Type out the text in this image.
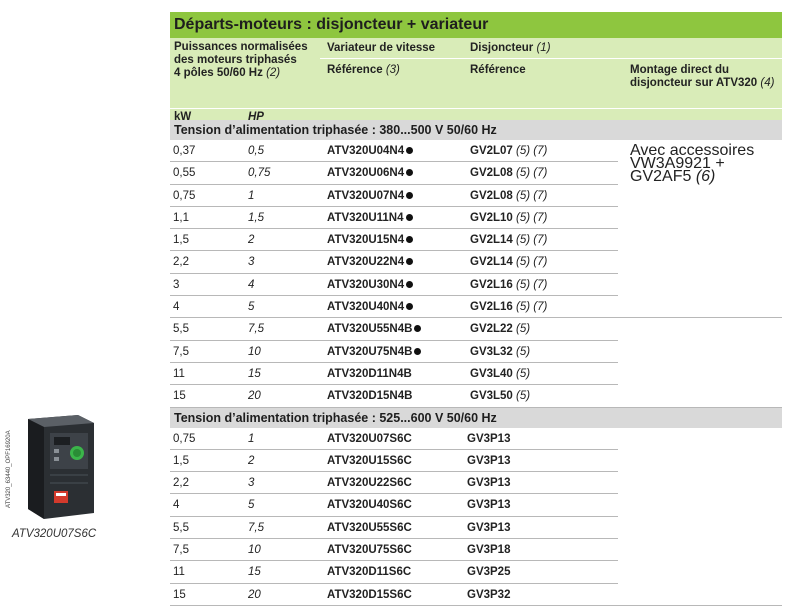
Départs-moteurs : disjoncteur + variateur
Puissances normalisées
des moteurs triphasés
4 pôles 50/60 Hz (2)
Variateur de vitesse	Disjoncteur (1)
Référence (3)	Référence	Montage direct du
disjoncteur sur ATV320 (4)
kW	HP
Tension d’alimentation triphasée : 380...500 V 50/60 Hz
Avec accessoires VW3A9921 +
GV2AF5 (6)
0,37	0,5	ATV320U04N4	GV2L07 (5) (7)
0,55	0,75	ATV320U06N4	GV2L08 (5) (7)
0,75	1	ATV320U07N4	GV2L08 (5) (7)
1,1	1,5	ATV320U11N4	GV2L10 (5) (7)
1,5	2	ATV320U15N4	GV2L14 (5) (7)
2,2	3	ATV320U22N4	GV2L14 (5) (7)
3	4	ATV320U30N4	GV2L16 (5) (7)
4	5	ATV320U40N4	GV2L16 (5) (7)
5,5	7,5	ATV320U55N4B	GV2L22 (5)
7,5	10	ATV320U75N4B	GV3L32 (5)
11	15	ATV320D11N4B	GV3L40 (5)
15	20	ATV320D15N4B	GV3L50 (5)
Tension d’alimentation triphasée : 525...600 V 50/60 Hz
0,75	1	ATV320U07S6C	GV3P13
1,5	2	ATV320U15S6C	GV3P13
2,2	3	ATV320U22S6C	GV3P13
4	5	ATV320U40S6C	GV3P13
5,5	7,5	ATV320U55S6C	GV3P13
7,5	10	ATV320U75S6C	GV3P18
11	15	ATV320D11S6C	GV3P25
15	20	ATV320D15S6C	GV3P32
ATV320_63440_OPF16920A
ATV320U07S6C
